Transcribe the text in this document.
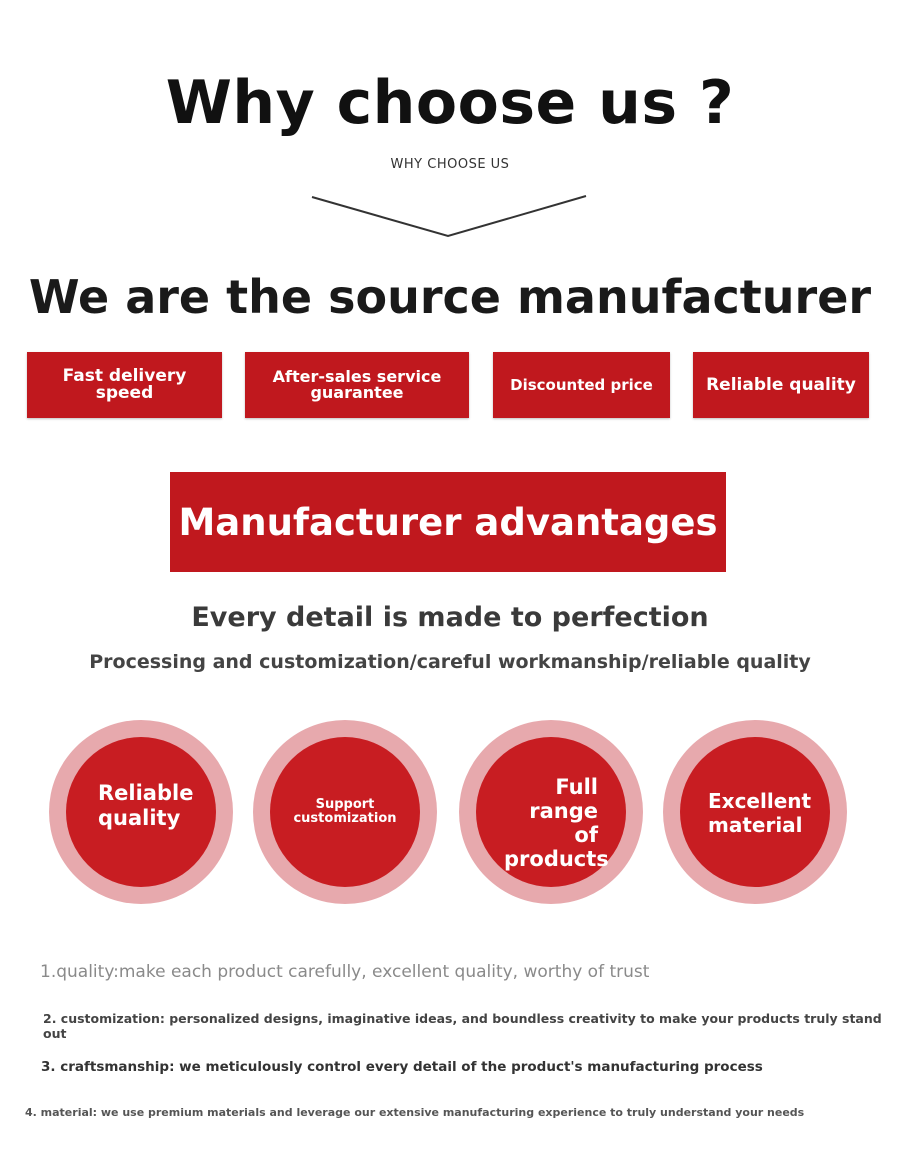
Why choose us ?
WHY CHOOSE US
We are the source manufacturer
Fast delivery speed
After-sales service guarantee	Discounted price	Reliable quality
Manufacturer advantages
Every detail is made to perfection
Processing and customization/careful workmanship/reliable quality
Reliable quality
Support customization
Full range of products
Excellent material
1.quality:make each product carefully, excellent quality, worthy of trust
2. customization: personalized designs, imaginative ideas, and boundless creativity to make your products truly stand out
3. craftsmanship: we meticulously control every detail of the product's manufacturing process
4. material: we use premium materials and leverage our extensive manufacturing experience to truly understand your needs
